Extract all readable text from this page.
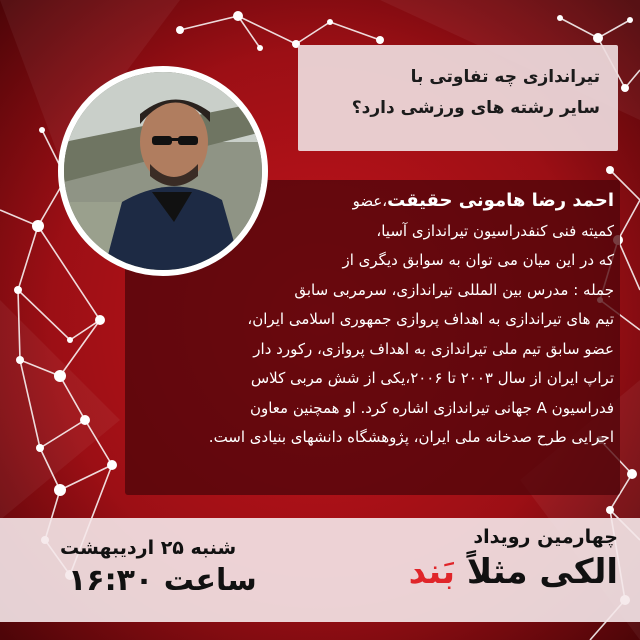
تیراندازی چه تفاوتی با
سایر رشته های ورزشی دارد؟
احمد رضا هامونی حقیقت،عضو
کمیته فنی کنفدراسیون تیراندازی آسیا،
که در این میان می توان به سوابق دیگری از
جمله : مدرس بین المللی تیراندازی، سرمربی سابق
تیم های تیراندازی به اهداف پروازی جمهوری اسلامی ایران،
عضو سابق تیم ملی تیراندازی به اهداف پروازی، رکورد دار
تراپ ایران از سال ۲۰۰۳ تا ۲۰۰۶،یکی از شش مربی کلاس
فدراسیون A جهانی تیراندازی اشاره کرد. او همچنین معاون
اجرایی طرح صدخانه ملی ایران، پژوهشگاه دانشهای بنیادی است.
چهارمین رویداد
الکی مثلاً بَند
شنبه ۲۵ اردیبهشت
ساعت ۱۶:۳۰
